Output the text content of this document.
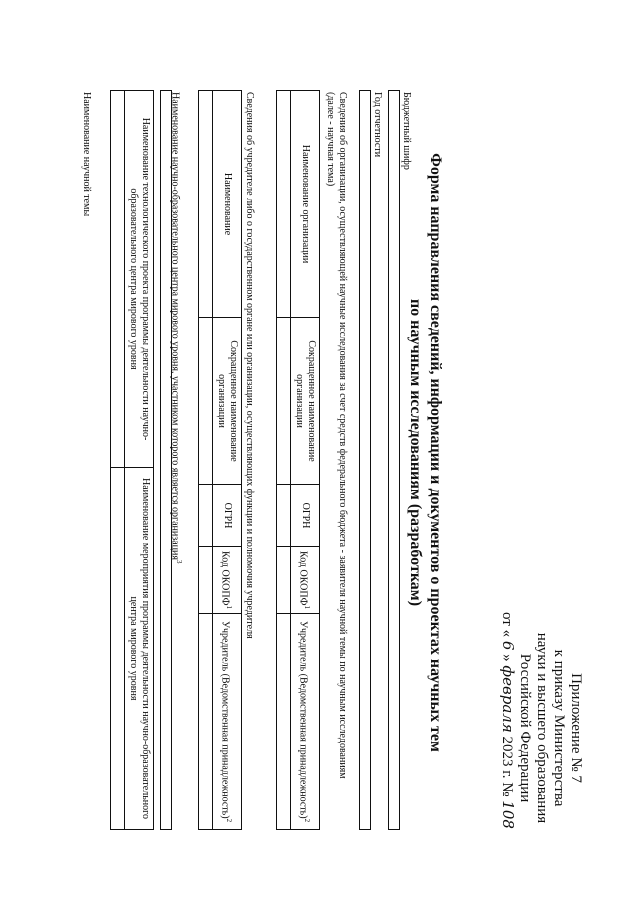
Приложение № 7
к приказу Министерства
науки и высшего образования
Российской Федерации
от « 6 » февраля 2023 г. № 108
Форма направления сведений, информации и документов о проектах научных тем
по научным исследованиям (разработкам)
Бюджетный шифр
Год отчетности
Сведения об организации, осуществляющей научные исследования за счет средств федерального бюджета - заявителя научной темы по научным исследованиям
(далее - научная тема)
Наименование организации	Сокращенное наименование организации	ОГРН	Код ОКОПФ$^1$	Учредитель (Ведомственная принадлежность)$^2$

Сведения об учредителе либо о государственном органе или организации, осуществляющих функции и полномочия учредителя
Наименование	Сокращенное наименование организации	ОГРН	Код ОКОПФ$^1$	Учредитель (Ведомственная принадлежность)$^2$

Наименование научно-образовательного центра мирового уровня, участником которого является организация$^3$
Наименование технологического проекта программы деятельности научно-образовательного центра мирового уровня	Наименование мероприятия программы деятельности научно-образовательного центра мирового уровня

Наименование научной темы
